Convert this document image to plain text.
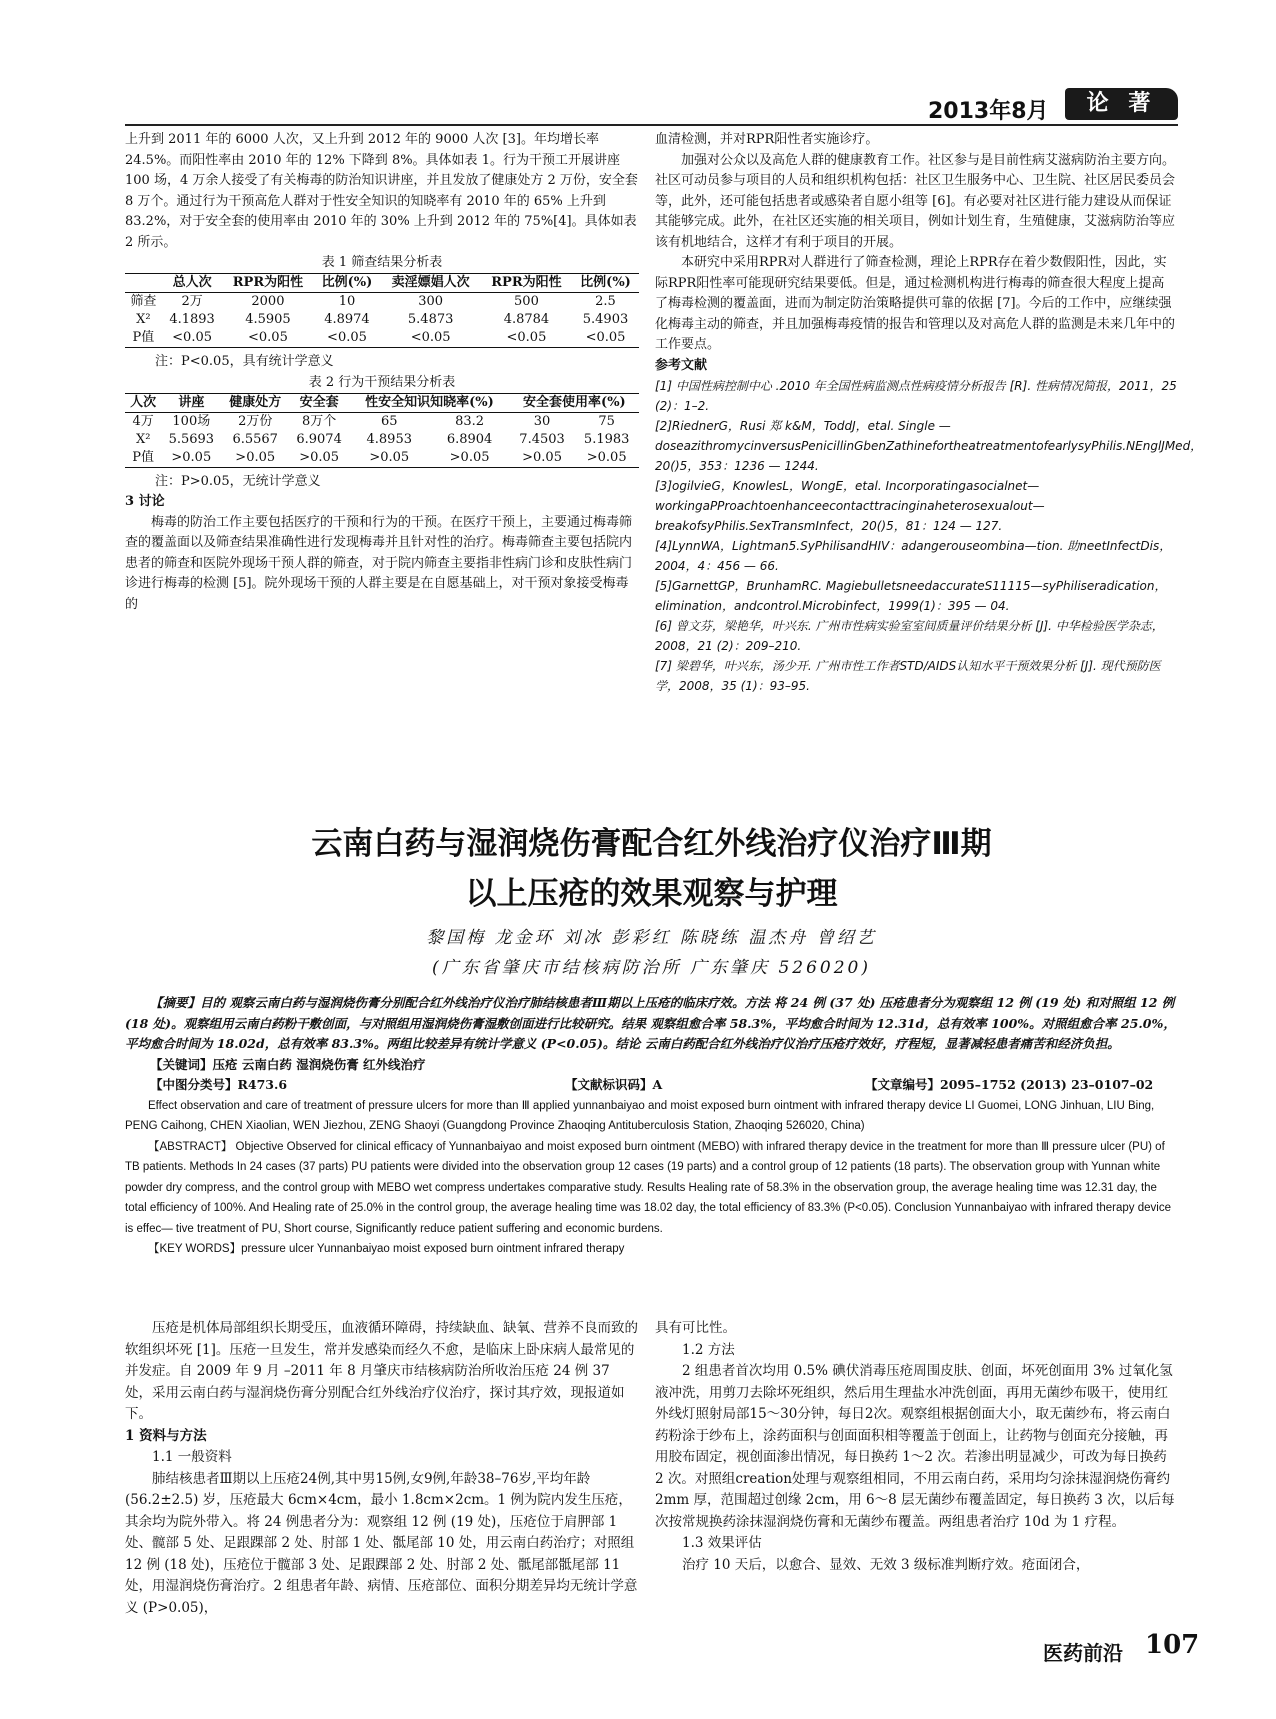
2013年8月	论 著

上升到 2011 年的 6000 人次，又上升到 2012 年的 9000 人次 [3]。年均增长率 24.5%。而阳性率由 2010 年的 12% 下降到 8%。具体如表 1。行为干预工开展讲座 100 场，4 万余人接受了有关梅毒的防治知识讲座，并且发放了健康处方 2 万份，安全套 8 万个。通过行为干预高危人群对于性安全知识的知晓率有 2010 年的 65% 上升到 83.2%，对于安全套的使用率由 2010 年的 30% 上升到 2012 年的 75%[4]。具体如表 2 所示。

表 1 筛查结果分析表

	总人次	RPR为阳性	比例(%)	卖淫嫖娼人次	RPR为阳性	比例(%)
筛查	2万	2000	10	300	500	2.5
X²	4.1893	4.5905	4.8974	5.4873	4.8784	5.4903
P值	<0.05	<0.05	<0.05	<0.05	<0.05	<0.05

注：P<0.05，具有统计学意义

表 2 行为干预结果分析表

人次	讲座	健康处方	安全套	性安全知识知晓率(%)		安全套使用率(%)	
4万	100场	2万份	8万个	65	83.2	30	75
X²	5.5693	6.5567	6.9074	4.8953	6.8904	7.4503	5.1983
P值	>0.05	>0.05	>0.05	>0.05	>0.05	>0.05	>0.05

注：P>0.05，无统计学意义

3 讨论

梅毒的防治工作主要包括医疗的干预和行为的干预。在医疗干预上，主要通过梅毒筛查的覆盖面以及筛查结果准确性进行发现梅毒并且针对性的治疗。梅毒筛查主要包括院内患者的筛查和医院外现场干预人群的筛查，对于院内筛查主要指非性病门诊和皮肤性病门诊进行梅毒的检测 [5]。院外现场干预的人群主要是在自愿基础上，对干预对象接受梅毒的

血清检测，并对RPR阳性者实施诊疗。

加强对公众以及高危人群的健康教育工作。社区参与是目前性病艾滋病防治主要方向。社区可动员参与项目的人员和组织机构包括：社区卫生服务中心、卫生院、社区居民委员会等，此外，还可能包括患者或感染者自愿小组等 [6]。有必要对社区进行能力建设从而保证其能够完成。此外，在社区还实施的相关项目，例如计划生育，生殖健康，艾滋病防治等应该有机地结合，这样才有利于项目的开展。

本研究中采用RPR对人群进行了筛查检测，理论上RPR存在着少数假阳性，因此，实际RPR阳性率可能现研究结果要低。但是，通过检测机构进行梅毒的筛查很大程度上提高了梅毒检测的覆盖面，进而为制定防治策略提供可靠的依据 [7]。今后的工作中，应继续强化梅毒主动的筛查，并且加强梅毒疫情的报告和管理以及对高危人群的监测是未来几年中的工作要点。

参考文献

[1] 中国性病控制中心 .2010 年全国性病监测点性病疫情分析报告 [R]. 性病情况简报，2011，25 (2)：1–2.

[2]RiednerG，Rusi 郑 k&M，ToddJ，etal. Single — doseazithromycinversusPenicillinGbenZathinefortheatreatmentofearlysyPhilis.NEnglJMed，20()5，353：1236 — 1244.

[3]ogilvieG，KnowlesL，WongE，etal. Incorporatingasocialnet—workingaPProachtoenhanceecontacttracinginaheterosexualout—breakofsyPhilis.SexTransmInfect，20()5，81：124 — 127.

[4]LynnWA，Lightman5.SyPhilisandHIV：adangerouseombina—tion. 助neetInfectDis，2004，4：456 — 66.

[5]GarnettGP，BrunhamRC. MagiebulletsneedaccurateS11115—syPhiliseradication，elimination，andcontrol.Microbinfect，1999(1)：395 — 04.

[6] 曾文芬，梁艳华，叶兴东. 广州市性病实验室室间质量评价结果分析 [J]. 中华检验医学杂志，2008，21 (2)：209–210.

[7] 梁碧华，叶兴东，汤少开. 广州市性工作者STD/AIDS认知水平干预效果分析 [J]. 现代预防医学，2008，35 (1)：93–95.

云南白药与湿润烧伤膏配合红外线治疗仪治疗Ⅲ期
以上压疮的效果观察与护理
黎国梅 龙金环 刘冰 彭彩红 陈晓练 温杰舟 曾绍艺
(广东省肇庆市结核病防治所 广东肇庆 526020)

【摘要】目的 观察云南白药与湿润烧伤膏分别配合红外线治疗仪治疗肺结核患者Ⅲ期以上压疮的临床疗效。方法 将 24 例 (37 处) 压疮患者分为观察组 12 例 (19 处) 和对照组 12 例 (18 处)。观察组用云南白药粉干敷创面，与对照组用湿润烧伤膏湿敷创面进行比较研究。结果 观察组愈合率 58.3%，平均愈合时间为 12.31d，总有效率 100%。对照组愈合率 25.0%，平均愈合时间为 18.02d，总有效率 83.3%。两组比较差异有统计学意义 (P<0.05)。结论 云南白药配合红外线治疗仪治疗压疮疗效好，疗程短，显著减轻患者痛苦和经济负担。

【关键词】压疮 云南白药 湿润烧伤膏 红外线治疗

【中图分类号】R473.6	【文献标识码】A	【文章编号】2095–1752 (2013) 23–0107–02

Effect observation and care of treatment of pressure ulcers for more than Ⅲ applied yunnanbaiyao and moist exposed burn ointment with infrared therapy device LI Guomei, LONG Jinhuan, LIU Bing, PENG Caihong, CHEN Xiaolian, WEN Jiezhou, ZENG Shaoyi (Guangdong Province Zhaoqing Antituberculosis Station, Zhaoqing 526020, China)

【ABSTRACT】 Objective Observed for clinical efficacy of Yunnanbaiyao and moist exposed burn ointment (MEBO) with infrared therapy device in the treatment for more than Ⅲ pressure ulcer (PU) of TB patients. Methods In 24 cases (37 parts) PU patients were divided into the observation group 12 cases (19 parts) and a control group of 12 patients (18 parts). The observation group with Yunnan white powder dry compress, and the control group with MEBO wet compress undertakes comparative study. Results Healing rate of 58.3% in the observation group, the average healing time was 12.31 day, the total efficiency of 100%. And Healing rate of 25.0% in the control group, the average healing time was 18.02 day, the total efficiency of 83.3% (P<0.05). Conclusion Yunnanbaiyao with infrared therapy device is effec— tive treatment of PU, Short course, Significantly reduce patient suffering and economic burdens.

【KEY WORDS】pressure ulcer Yunnanbaiyao moist exposed burn ointment infrared therapy

压疮是机体局部组织长期受压，血液循环障碍，持续缺血、缺氧、营养不良而致的软组织坏死 [1]。压疮一旦发生，常并发感染而经久不愈，是临床上卧床病人最常见的并发症。自 2009 年 9 月 –2011 年 8 月肇庆市结核病防治所收治压疮 24 例 37 处，采用云南白药与湿润烧伤膏分别配合红外线治疗仪治疗，探讨其疗效，现报道如下。

1 资料与方法

1.1 一般资料

肺结核患者Ⅲ期以上压疮24例,其中男15例,女9例,年龄38–76岁,平均年龄 (56.2±2.5) 岁，压疮最大 6cm×4cm，最小 1.8cm×2cm。1 例为院内发生压疮，其余均为院外带入。将 24 例患者分为：观察组 12 例 (19 处)，压疮位于肩胛部 1 处、髋部 5 处、足跟踝部 2 处、肘部 1 处、骶尾部 10 处，用云南白药治疗；对照组 12 例 (18 处)，压疮位于髋部 3 处、足跟踝部 2 处、肘部 2 处、骶尾部骶尾部 11 处，用湿润烧伤膏治疗。2 组患者年龄、病情、压疮部位、面积分期差异均无统计学意义 (P>0.05)，

具有可比性。

1.2 方法

2 组患者首次均用 0.5% 碘伏消毒压疮周围皮肤、创面，坏死创面用 3% 过氧化氢液冲洗，用剪刀去除坏死组织，然后用生理盐水冲洗创面，再用无菌纱布吸干，使用红外线灯照射局部15～30分钟，每日2次。观察组根据创面大小，取无菌纱布，将云南白药粉涂于纱布上，涂药面积与创面面积相等覆盖于创面上，让药物与创面充分接触，再用胶布固定，视创面渗出情况，每日换药 1～2 次。若渗出明显减少，可改为每日换药 2 次。对照组creation处理与观察组相同，不用云南白药，采用均匀涂抹湿润烧伤膏约 2mm 厚，范围超过创缘 2cm，用 6～8 层无菌纱布覆盖固定，每日换药 3 次，以后每次按常规换药涂抹湿润烧伤膏和无菌纱布覆盖。两组患者治疗 10d 为 1 疗程。

1.3 效果评估

治疗 10 天后，以愈合、显效、无效 3 级标准判断疗效。疮面闭合，

医药前沿 107
